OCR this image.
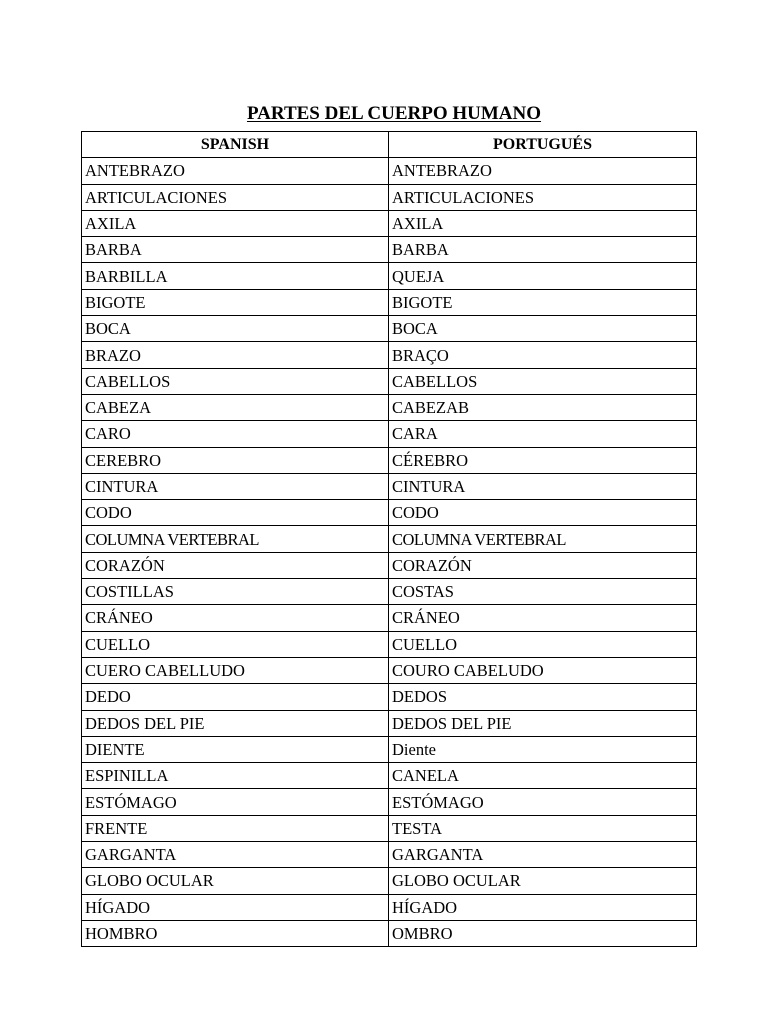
PARTES DEL CUERPO HUMANO
SPANISH	PORTUGUÉS
ANTEBRAZO	ANTEBRAZO
ARTICULACIONES	ARTICULACIONES
AXILA	AXILA
BARBA	BARBA
BARBILLA	QUEJA
BIGOTE	BIGOTE
BOCA	BOCA
BRAZO	BRAÇO
CABELLOS	CABELLOS
CABEZA	CABEZAB
CARO	CARA
CEREBRO	CÉREBRO
CINTURA	CINTURA
CODO	CODO
COLUMNA VERTEBRAL	COLUMNA VERTEBRAL
CORAZÓN	CORAZÓN
COSTILLAS	COSTAS
CRÁNEO	CRÁNEO
CUELLO	CUELLO
CUERO CABELLUDO	COURO CABELUDO
DEDO	DEDOS
DEDOS DEL PIE	DEDOS DEL PIE
DIENTE	Diente
ESPINILLA	CANELA
ESTÓMAGO	ESTÓMAGO
FRENTE	TESTA
GARGANTA	GARGANTA
GLOBO OCULAR	GLOBO OCULAR
HÍGADO	HÍGADO
HOMBRO	OMBRO
